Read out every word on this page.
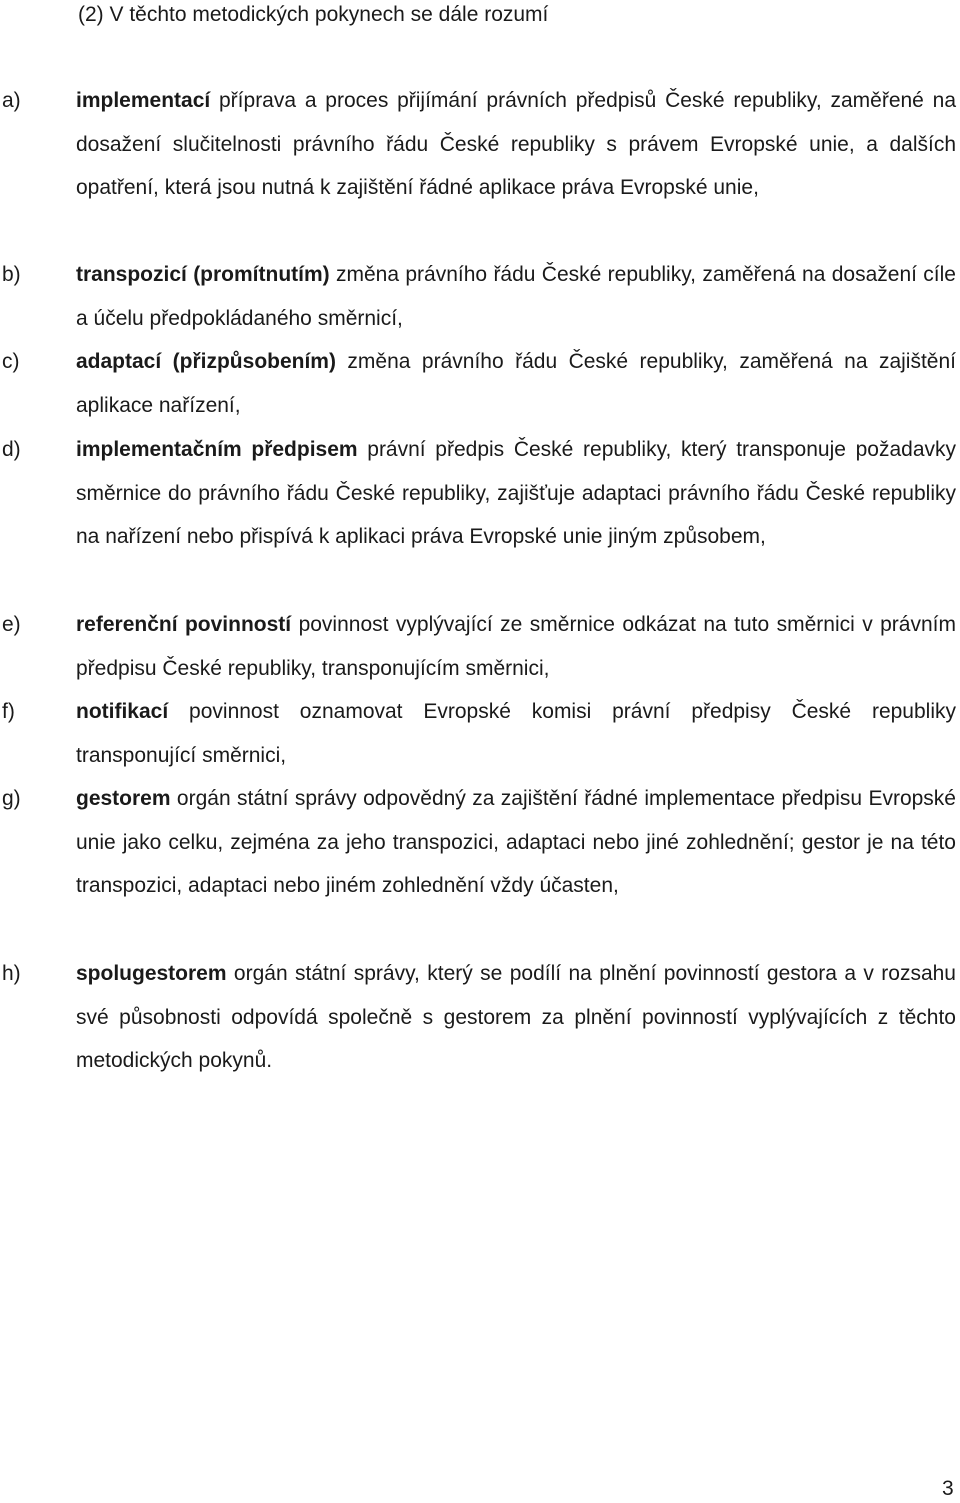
(2) V těchto metodických pokynech se dále rozumí
a)	implementací příprava a proces přijímání právních předpisů České republiky, zaměřené na dosažení slučitelnosti právního řádu České republiky s právem Evropské unie, a dalších opatření, která jsou nutná k zajištění řádné aplikace práva Evropské unie,
b)	transpozicí (promítnutím) změna právního řádu České republiky, zaměřená na dosažení cíle a účelu předpokládaného směrnicí,
c)	adaptací (přizpůsobením) změna právního řádu České republiky, zaměřená na zajištění aplikace nařízení,
d)	implementačním předpisem právní předpis České republiky, který transponuje požadavky směrnice do právního řádu České republiky, zajišťuje adaptaci právního řádu České republiky na nařízení nebo přispívá k aplikaci práva Evropské unie jiným způsobem,
e)	referenční povinností povinnost vyplývající ze směrnice odkázat na tuto směrnici v právním předpisu České republiky, transponujícím směrnici,
f)	notifikací povinnost oznamovat Evropské komisi právní předpisy České republiky transponující směrnici,
g)	gestorem orgán státní správy odpovědný za zajištění řádné implementace předpisu Evropské unie jako celku, zejména za jeho transpozici, adaptaci nebo jiné zohlednění; gestor je na této transpozici, adaptaci nebo jiném zohlednění vždy účasten,
h)	spolugestorem orgán státní správy, který se podílí na plnění povinností gestora a v rozsahu své působnosti odpovídá společně s gestorem za plnění povinností vyplývajících z těchto metodických pokynů.
3
